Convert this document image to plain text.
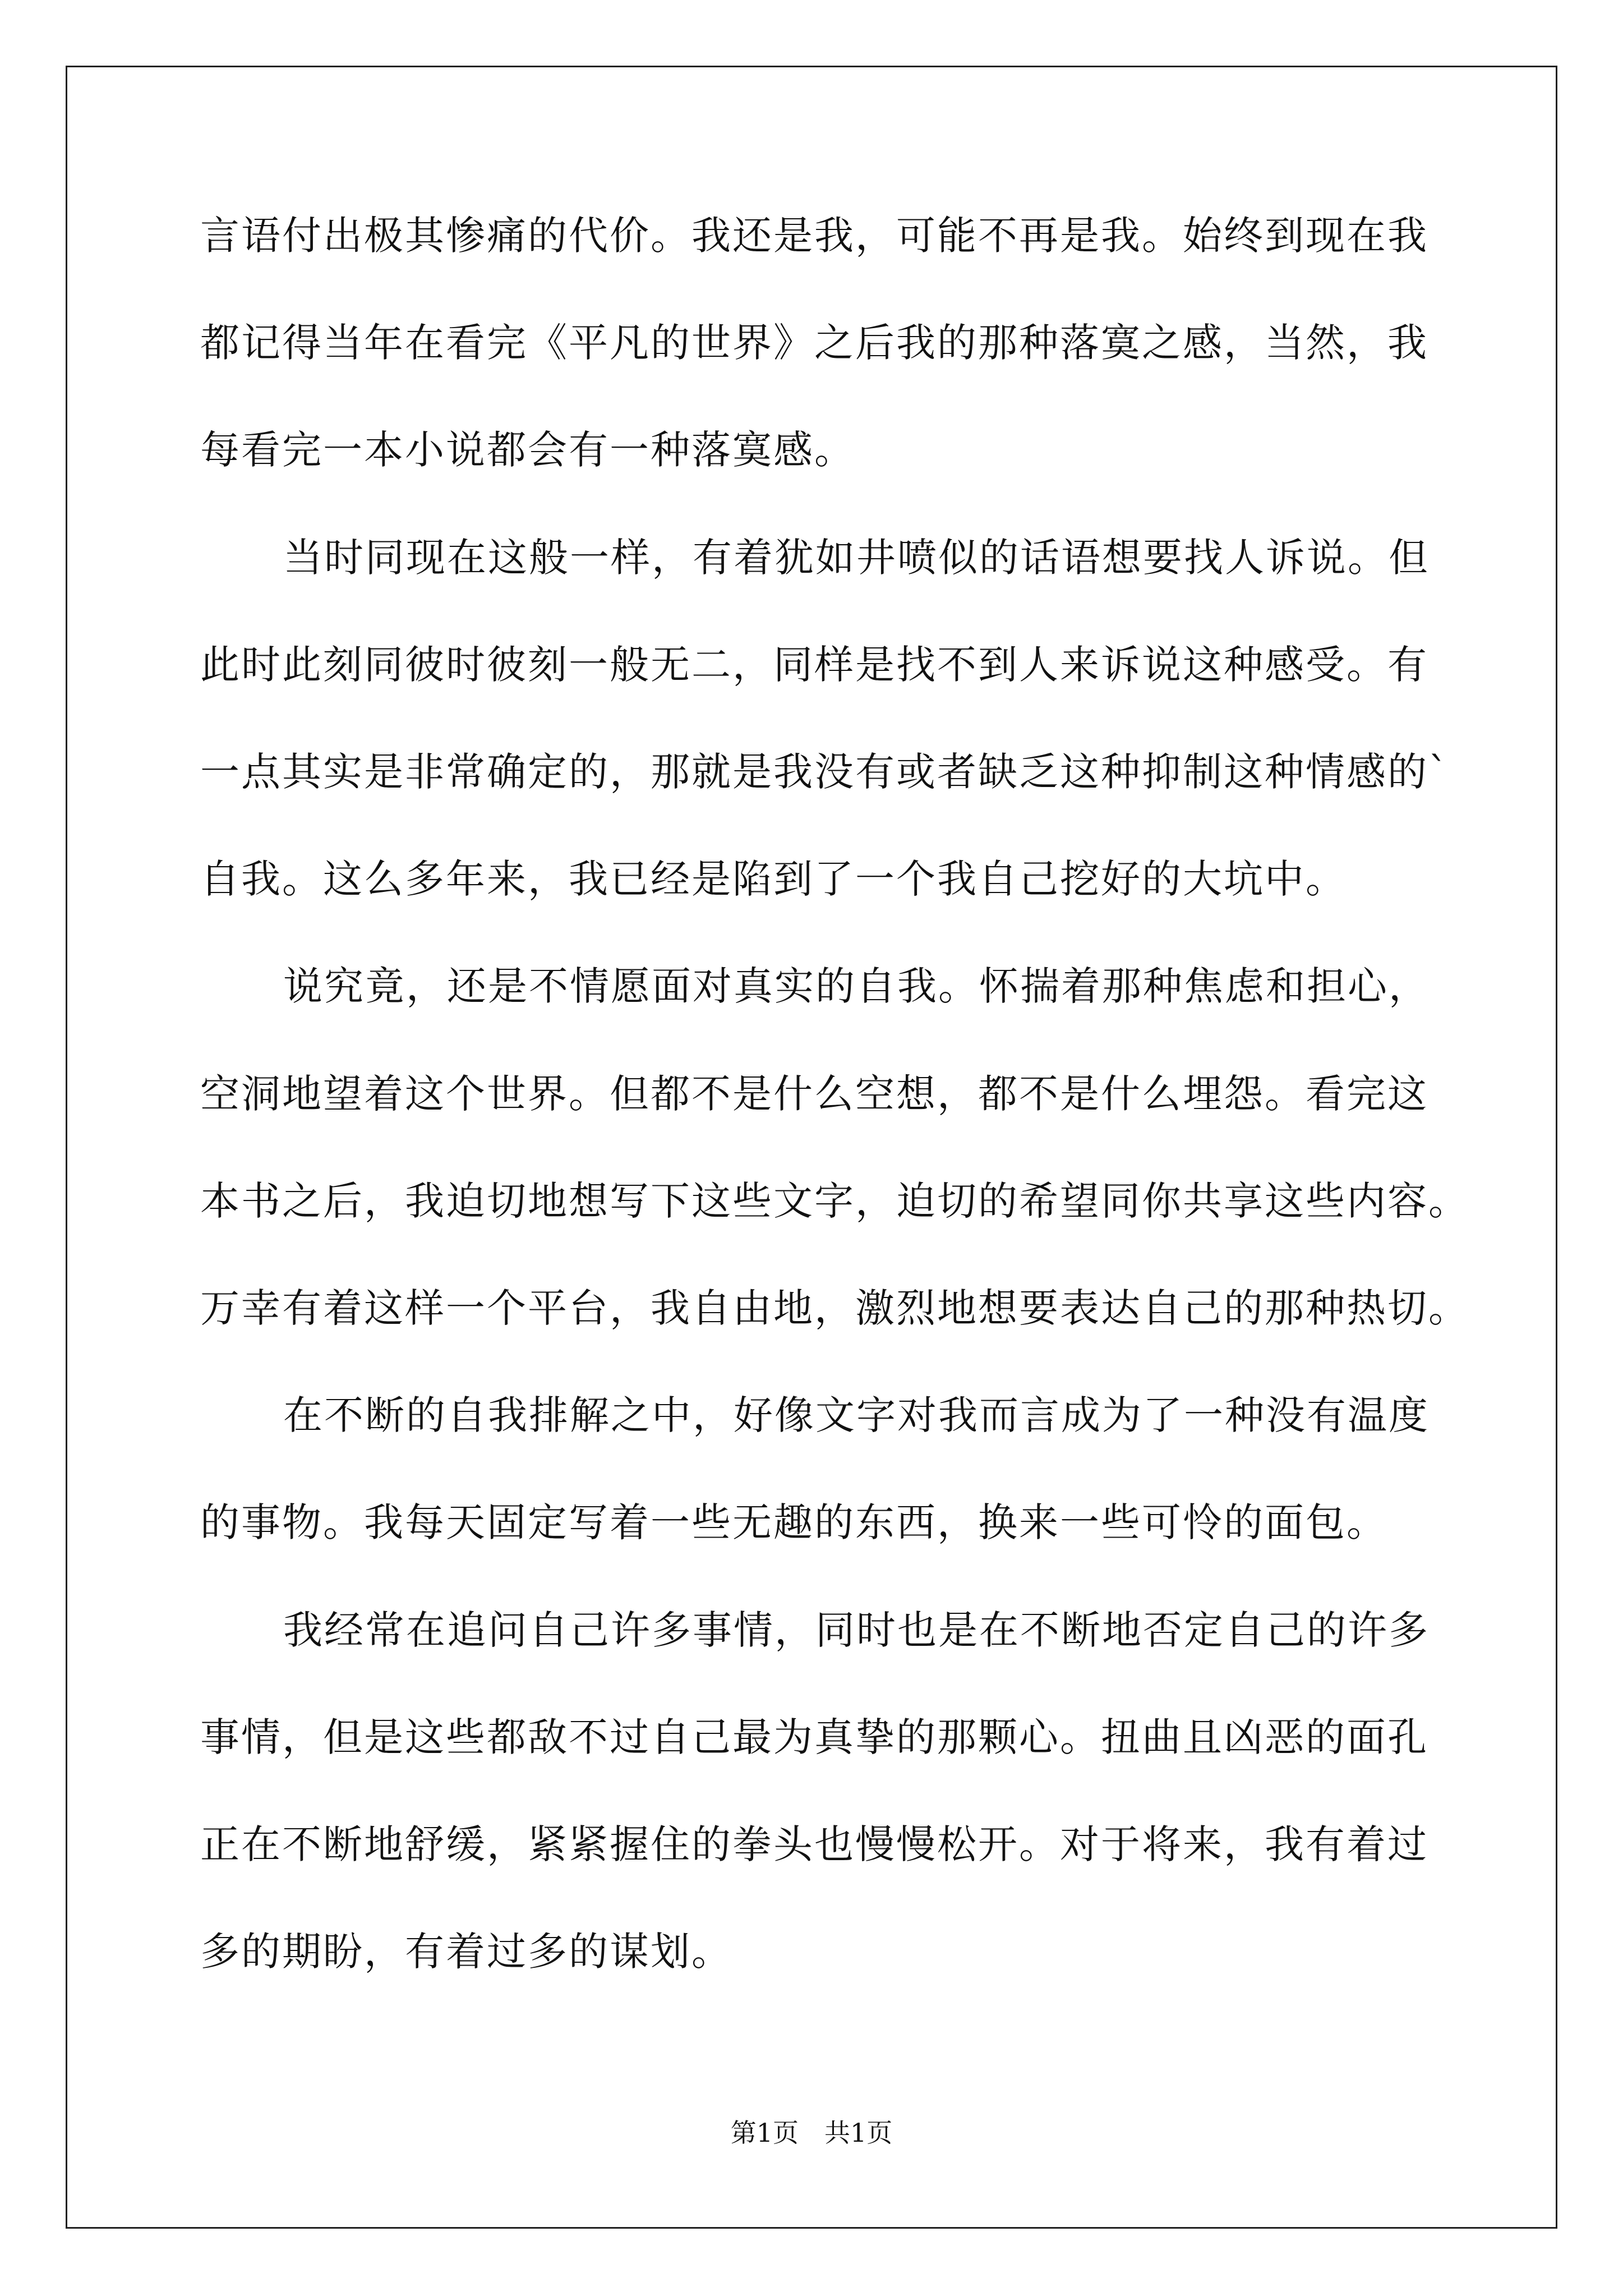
言语付出极其惨痛的代价。我还是我，可能不再是我。始终到现在我
都记得当年在看完《平凡的世界》之后我的那种落寞之感，当然，我
每看完一本小说都会有一种落寞感。
当时同现在这般一样，有着犹如井喷似的话语想要找人诉说。但
此时此刻同彼时彼刻一般无二，同样是找不到人来诉说这种感受。有
一点其实是非常确定的，那就是我没有或者缺乏这种抑制这种情感的`
自我。这么多年来，我已经是陷到了一个我自己挖好的大坑中。
说究竟，还是不情愿面对真实的自我。怀揣着那种焦虑和担心，
空洞地望着这个世界。但都不是什么空想，都不是什么埋怨。看完这
本书之后，我迫切地想写下这些文字，迫切的希望同你共享这些内容。
万幸有着这样一个平台，我自由地，激烈地想要表达自己的那种热切。
在不断的自我排解之中，好像文字对我而言成为了一种没有温度
的事物。我每天固定写着一些无趣的东西，换来一些可怜的面包。
我经常在追问自己许多事情，同时也是在不断地否定自己的许多
事情，但是这些都敌不过自己最为真挚的那颗心。扭曲且凶恶的面孔
正在不断地舒缓，紧紧握住的拳头也慢慢松开。对于将来，我有着过
多的期盼，有着过多的谋划。
第1页　共1页
